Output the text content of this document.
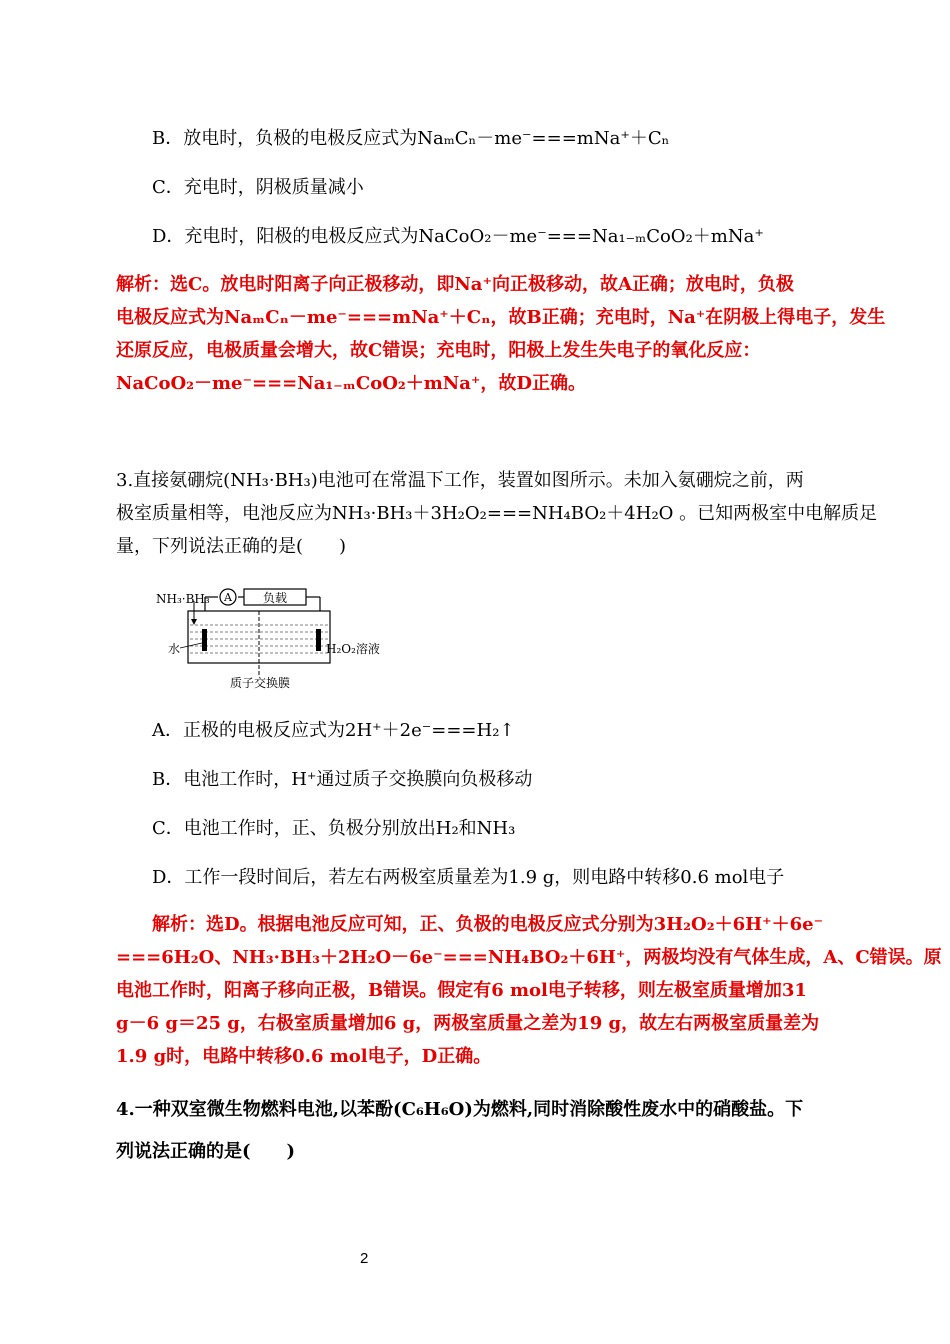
B．放电时，负极的电极反应式为NaₘCₙ－me⁻===mNa⁺＋Cₙ
C．充电时，阴极质量减小
D．充电时，阳极的电极反应式为NaCoO₂－me⁻===Na₁₋ₘCoO₂＋mNa⁺
解析：选C。放电时阳离子向正极移动，即Na⁺向正极移动，故A正确；放电时，负极
电极反应式为NaₘCₙ－me⁻===mNa⁺＋Cₙ，故B正确；充电时，Na⁺在阴极上得电子，发生
还原反应，电极质量会增大，故C错误；充电时，阳极上发生失电子的氧化反应：
NaCoO₂－me⁻===Na₁₋ₘCoO₂＋mNa⁺，故D正确。
3.直接氨硼烷(NH₃·BH₃)电池可在常温下工作，装置如图所示。未加入氨硼烷之前，两
极室质量相等，电池反应为NH₃·BH₃＋3H₂O₂===NH₄BO₂＋4H₂O 。已知两极室中电解质足
量，下列说法正确的是(　　)
A	负载
NH₃·BH₃
水	H₂O₂溶液
质子交换膜
A．正极的电极反应式为2H⁺＋2e⁻===H₂↑
B．电池工作时，H⁺通过质子交换膜向负极移动
C．电池工作时，正、负极分别放出H₂和NH₃
D．工作一段时间后，若左右两极室质量差为1.9 g，则电路中转移0.6 mol电子
解析：选D。根据电池反应可知，正、负极的电极反应式分别为3H₂O₂＋6H⁺＋6e⁻
===6H₂O、NH₃·BH₃＋2H₂O－6e⁻===NH₄BO₂＋6H⁺，两极均没有气体生成，A、C错误。原
电池工作时，阳离子移向正极，B错误。假定有6 mol电子转移，则左极室质量增加31
g－6 g＝25 g，右极室质量增加6 g，两极室质量之差为19 g，故左右两极室质量差为
1.9 g时，电路中转移0.6 mol电子，D正确。
4.一种双室微生物燃料电池,以苯酚(C₆H₆O)为燃料,同时消除酸性废水中的硝酸盐。下
列说法正确的是(　　)
2
